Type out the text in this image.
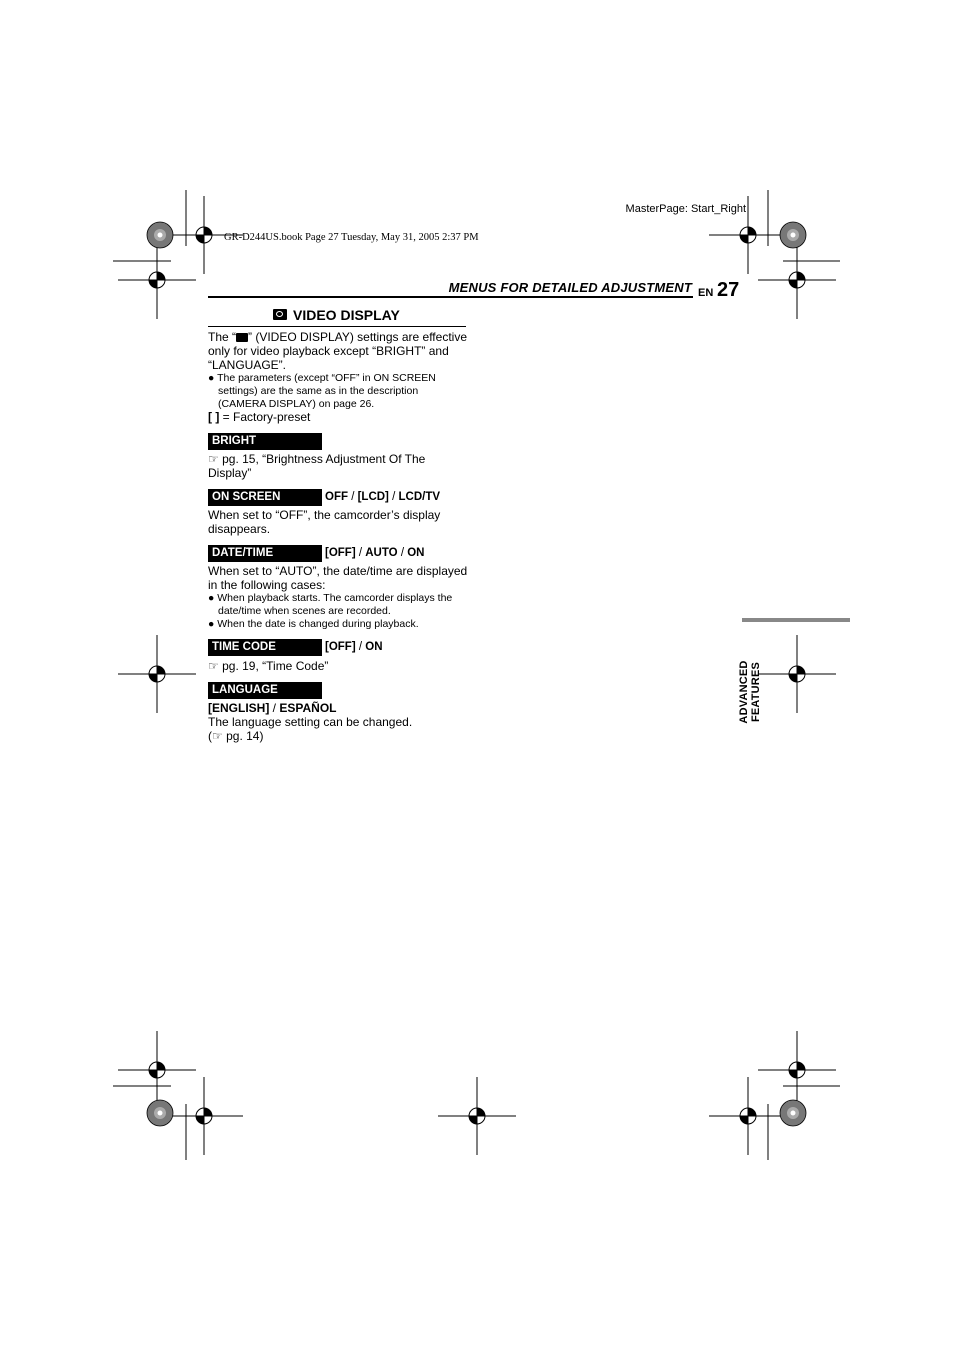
MasterPage: Start_Right
GR-D244US.book Page 27 Tuesday, May 31, 2005 2:37 PM
MENUS FOR DETAILED ADJUSTMENT EN 27
VIDEO DISPLAY
The “ ” (VIDEO DISPLAY) settings are effective only for video playback except “BRIGHT” and “LANGUAGE”.
● The parameters (except “OFF” in ON SCREEN settings) are the same as in the description (CAMERA DISPLAY) on page 26.
[ ] = Factory-preset
BRIGHT
☞ pg. 15, “Brightness Adjustment Of The Display”
ON SCREEN	OFF / [LCD] / LCD/TV
When set to “OFF”, the camcorder’s display disappears.
DATE/TIME	[OFF] / AUTO / ON
When set to “AUTO”, the date/time are displayed in the following cases:
● When playback starts. The camcorder displays the date/time when scenes are recorded.
● When the date is changed during playback.
TIME CODE	[OFF] / ON
☞ pg. 19, “Time Code”
LANGUAGE
[ENGLISH] / ESPAÑOL
The language setting can be changed.
(☞ pg. 14)
ADVANCED FEATURES
